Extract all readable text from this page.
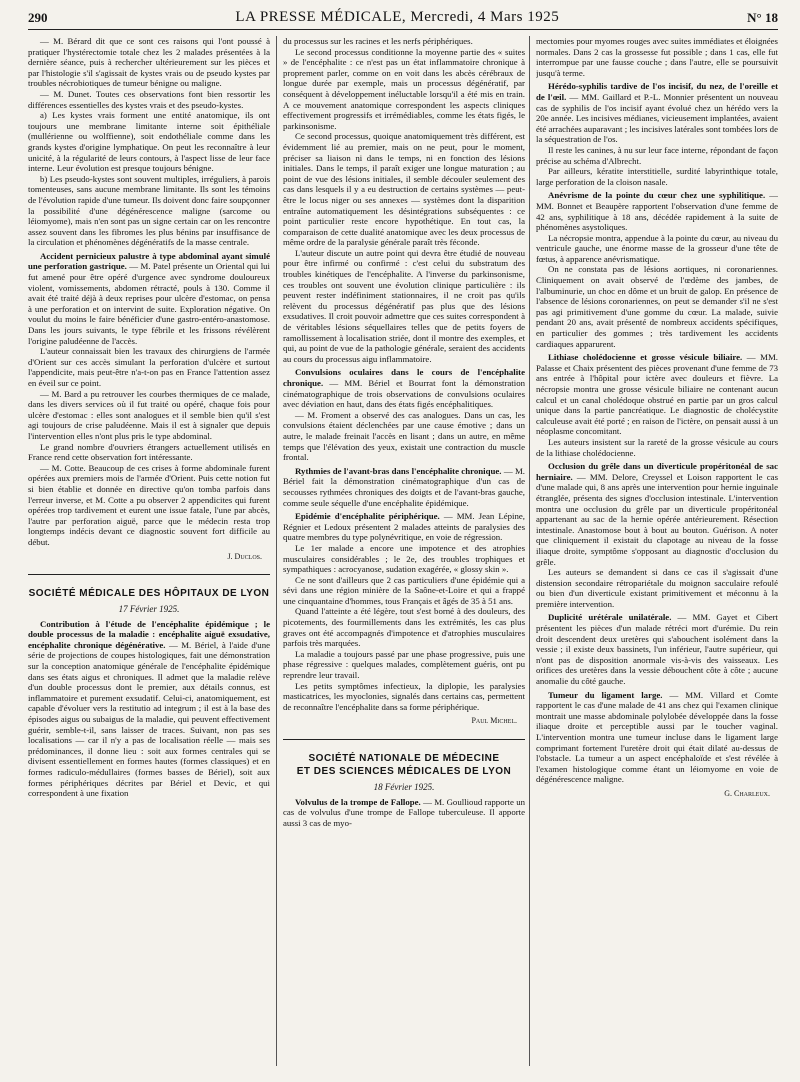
290	LA PRESSE MÉDICALE, Mercredi, 4 Mars 1925	N° 18

— M. Bérard dit que ce sont ces raisons qui l'ont poussé à pratiquer l'hystérectomie totale chez les 2 malades présentées à la dernière séance, puis à rechercher ultérieurement sur les pièces et par l'histologie s'il s'agissait de kystes vrais ou de pseudo kystes par troubles nécrobiotiques de tumeur bénigne ou maligne.

— M. Dunet. Toutes ces observations font bien ressortir les différences essentielles des kystes vrais et des pseudo-kystes.

a) Les kystes vrais forment une entité anatomique, ils ont toujours une membrane limitante interne soit épithéliale (mullérienne ou wolffienne), soit endothéliale comme dans les grands kystes d'origine lymphatique. On peut les reconnaître à leur unicité, à la régularité de leurs contours, à l'aspect lisse de leur face interne. Leur évolution est presque toujours bénigne.

b) Les pseudo-kystes sont souvent multiples, irréguliers, à parois tomenteuses, sans aucune membrane limitante. Ils sont les témoins de l'évolution rapide d'une tumeur. Ils doivent donc faire soupçonner la possibilité d'une dégénérescence maligne (sarcome ou léiomyome), mais n'en sont pas un signe certain car on les rencontre assez souvent dans les fibromes les plus bénins par insuffisance de la circulation et phénomènes dégénératifs de la masse centrale.

Accident pernicieux palustre à type abdominal ayant simulé une perforation gastrique. — M. Patel présente un Oriental qui lui fut amené pour être opéré d'urgence avec syndrome douloureux violent, vomissements, abdomen rétracté, pouls à 130. Comme il avait été traité déjà à deux reprises pour ulcère d'estomac, on pensa à une perforation et on intervint de suite. Exploration négative. On voulut du moins le faire bénéficier d'une gastro-entéro-anastomose. Dans les jours suivants, le type fébrile et les frissons révélèrent l'origine paludéenne de l'accès.

L'auteur connaissait bien les travaux des chirurgiens de l'armée d'Orient sur ces accès simulant la perforation d'ulcère et surtout l'appendicite, mais peut-être n'a-t-on pas en France l'attention assez en éveil sur ce point.

— M. Bard a pu retrouver les courbes thermiques de ce malade, dans les divers services où il fut traité ou opéré, chaque fois pour ulcère d'estomac : elles sont analogues et il semble bien qu'il s'est agi toujours de crise paludéenne. Mais il est à signaler que depuis l'intervention elles n'ont plus pris le type abdominal.

Le grand nombre d'ouvriers étrangers actuellement utilisés en France rend cette observation fort intéressante.

— M. Cotte. Beaucoup de ces crises à forme abdominale furent opérées aux premiers mois de l'armée d'Orient. Puis cette notion fut si bien établie et donnée en directive qu'on tomba parfois dans l'erreur inverse, et M. Cotte a pu observer 2 appendicites qui furent opérées trop tardivement et eurent une issue fatale, l'une par abcès, l'autre par perforation aiguë, parce que le médecin resta trop longtemps indécis devant ce diagnostic souvent fort difficile au début.

J. Duclos.

SOCIÉTÉ MÉDICALE DES HÔPITAUX DE LYON

17 Février 1925.

Contribution à l'étude de l'encéphalite épidémique ; le double processus de la maladie : encéphalite aiguë exsudative, encéphalite chronique dégénérative. — M. Bériel, à l'aide d'une série de projections de coupes histologiques, fait une démonstration sur la conception anatomique générale de l'encéphalite épidémique dans ses états aigus et chroniques. Il admet que la maladie relève d'un double processus dont le premier, aux détails connus, est inflammatoire et purement exsudatif. Celui-ci, anatomiquement, est capable d'évoluer vers la restitutio ad integrum ; il est à la base des épisodes aigus ou subaigus de la maladie, qui peuvent effectivement guérir, semble-t-il, sans laisser de traces. Suivant, non pas ses localisations — car il n'y a pas de localisation réelle — mais ses prédominances, il donne lieu : soit aux formes centrales qui se divisent essentiellement en formes hautes (formes classiques) et en formes radiculo-médullaires (formes basses de Bériel), soit aux formes périphériques décrites par Bériel et Devic, et qui correspondent à une fixation

du processus sur les racines et les nerfs périphériques.

Le second processus conditionne la moyenne partie des « suites » de l'encéphalite : ce n'est pas un état inflammatoire chronique à proprement parler, comme on en voit dans les abcès cérébraux de longue durée par exemple, mais un processus dégénératif, par conséquent à développement inéluctable lorsqu'il a été mis en train. A ce mouvement anatomique correspondent les aspects cliniques effectivement progressifs et irrémédiables, comme les états figés, le parkinsonisme.

Ce second processus, quoique anatomiquement très différent, est évidemment lié au premier, mais on ne peut, pour le moment, préciser sa liaison ni dans le temps, ni en fonction des lésions initiales. Dans le temps, il paraît exiger une longue maturation ; au point de vue des lésions initiales, il semble découler seulement des cas dans lesquels il y a eu destruction de certains systèmes — peut-être le locus niger ou ses annexes — systèmes dont la disparition entraîne automatiquement les désintégrations subséquentes : ce point particulier reste encore hypothétique. En tout cas, la comparaison de cette dualité anatomique avec les deux processus de même ordre de la paralysie générale paraît très féconde.

L'auteur discute un autre point qui devra être étudié de nouveau pour être infirmé ou confirmé : c'est celui du substratum des troubles kinétiques de l'encéphalite. A l'inverse du parkinsonisme, ces troubles ont souvent une évolution clinique particulière : ils peuvent rester indéfiniment stationnaires, il ne croit pas qu'ils relèvent du processus dégénératif pas plus que des lésions exsudatives. Il croit pouvoir admettre que ces suites correspondent à de véritables lésions séquellaires telles que de petits foyers de ramollissement à localisation striée, dont il montre des exemples, et qui, au point de vue de la pathologie générale, seraient des accidents au cours du processus aigu inflammatoire.

Convulsions oculaires dans le cours de l'encéphalite chronique. — MM. Bériel et Bourrat font la démonstration cinématographique de trois observations de convulsions oculaires avec déviation en haut, dans des états figés encéphalitiques.

— M. Froment a observé des cas analogues. Dans un cas, les convulsions étaient déclenchées par une cause émotive ; dans un autre, le malade freinait l'accès en lisant ; dans un autre, en même temps que l'élévation des yeux, existait une contraction du muscle frontal.

Rythmies de l'avant-bras dans l'encéphalite chronique. — M. Bériel fait la démonstration cinématographique d'un cas de secousses rythmées chroniques des doigts et de l'avant-bras gauche, comme seule séquelle d'une encéphalite épidémique.

Epidémie d'encéphalite périphérique. — MM. Jean Lépine, Régnier et Ledoux présentent 2 malades atteints de paralysies des quatre membres du type polynévritique, en voie de régression.

Le 1er malade a encore une impotence et des atrophies musculaires considérables ; le 2e, des troubles trophiques et sympathiques : acrocyanose, sudation exagérée, « glossy skin ».

Ce ne sont d'ailleurs que 2 cas particuliers d'une épidémie qui a sévi dans une région minière de la Saône-et-Loire et qui a frappé une cinquantaine d'hommes, tous Français et âgés de 35 à 51 ans.

Quand l'atteinte a été légère, tout s'est borné à des douleurs, des picotements, des fourmillements dans les extrémités, les cas plus graves ont été accompagnés d'impotence et d'atrophies musculaires parfois très marquées.

La maladie a toujours passé par une phase progressive, puis une phase régressive : quelques malades, complètement guéris, ont pu reprendre leur travail.

Les petits symptômes infectieux, la diplopie, les paralysies masticatrices, les myoclonies, signalés dans certains cas, permettent de reconnaître l'encéphalite dans sa forme périphérique.

Paul Michel.

SOCIÉTÉ NATIONALE DE MÉDECINE
ET DES SCIENCES MÉDICALES DE LYON

18 Février 1925.

Volvulus de la trompe de Fallope. — M. Goullioud rapporte un cas de volvulus d'une trompe de Fallope tuberculeuse. Il apporte aussi 3 cas de myo-

mectomies pour myomes rouges avec suites immédiates et éloignées normales. Dans 2 cas la grossesse fut possible ; dans 1 cas, elle fut interrompue par une fausse couche ; dans l'autre, elle se poursuivit jusqu'à terme.

Hérédo-syphilis tardive de l'os incisif, du nez, de l'oreille et de l'œil. — MM. Gaillard et P.-L. Monnier présentent un nouveau cas de syphilis de l'os incisif ayant évolué chez un hérédo vers la 20e année. Les incisives médianes, vicieusement implantées, avaient été arrachées auparavant ; les incisives latérales sont tombées lors de la séquestration de l'os.

Il reste les canines, à nu sur leur face interne, répondant de façon précise au schéma d'Albrecht.

Par ailleurs, kératite interstitielle, surdité labyrinthique totale, large perforation de la cloison nasale.

Anévrisme de la pointe du cœur chez une syphilitique. — MM. Bonnet et Beaupère rapportent l'observation d'une femme de 42 ans, syphilitique à 18 ans, décédée rapidement à la suite de phénomènes asystoliques.

La nécropsie montra, appendue à la pointe du cœur, au niveau du ventricule gauche, une énorme masse de la grosseur d'une tête de fœtus, à apparence anévrismatique.

On ne constata pas de lésions aortiques, ni coronariennes. Cliniquement on avait observé de l'œdème des jambes, de l'albuminurie, un choc en dôme et un bruit de galop. En présence de l'absence de lésions coronariennes, on peut se demander s'il ne s'est pas agi primitivement d'une gomme du cœur. La malade, suivie pendant 20 ans, avait présenté de nombreux accidents spécifiques, en particulier des gommes ; très tardivement les accidents cardiaques apparurent.

Lithiase cholédocienne et grosse vésicule biliaire. — MM. Palasse et Chaix présentent des pièces provenant d'une femme de 73 ans entrée à l'hôpital pour ictère avec douleurs et fièvre. La nécropsie montra une grosse vésicule biliaire ne contenant aucun calcul et un canal cholédoque obstrué en partie par un gros calcul unique dans la partie pancréatique. Le diagnostic de cholécystite calculeuse avait été porté ; en raison de l'ictère, on pensait aussi à un néoplasme concomitant.

Les auteurs insistent sur la rareté de la grosse vésicule au cours de la lithiase cholédocienne.

Occlusion du grêle dans un diverticule propéritonéal de sac herniaire. — MM. Delore, Creyssel et Loison rapportent le cas d'une malade qui, 8 ans après une intervention pour hernie inguinale étranglée, présenta des signes d'occlusion intestinale. L'intervention montra une occlusion du grêle par un diverticule propéritonéal appartenant au sac de la hernie opérée antérieurement. Résection intestinale. Anastomose bout à bout au bouton. Guérison. A noter que cliniquement il existait du clapotage au niveau de la fosse iliaque droite, symptôme s'opposant au diagnostic d'occlusion du grêle.

Les auteurs se demandent si dans ce cas il s'agissait d'une distension secondaire rétropariétale du moignon sacculaire refoulé ou bien d'un diverticule existant primitivement et méconnu à la première intervention.

Duplicité urétérale unilatérale. — MM. Gayet et Cibert présentent les pièces d'un malade rétréci mort d'urémie. Du rein droit descendent deux uretères qui s'abouchent isolément dans la vessie ; il existe deux bassinets, l'un inférieur, l'autre supérieur, qui n'ont pas de disposition anormale vis-à-vis des vaisseaux. Les orifices des uretères dans la vessie débouchent côte à côte ; aucune anomalie du côté gauche.

Tumeur du ligament large. — MM. Villard et Comte rapportent le cas d'une malade de 41 ans chez qui l'examen clinique montrait une masse abdominale polylobée développée dans la fosse iliaque droite et perceptible aussi par le toucher vaginal. L'intervention montra une tumeur incluse dans le ligament large comprimant fortement l'uretère droit qui était dilaté au-dessus de l'obstacle. La tumeur a un aspect encéphaloïde et s'est révélée à l'examen histologique comme étant un léiomyome en voie de dégénérescence maligne.

G. Charleux.
